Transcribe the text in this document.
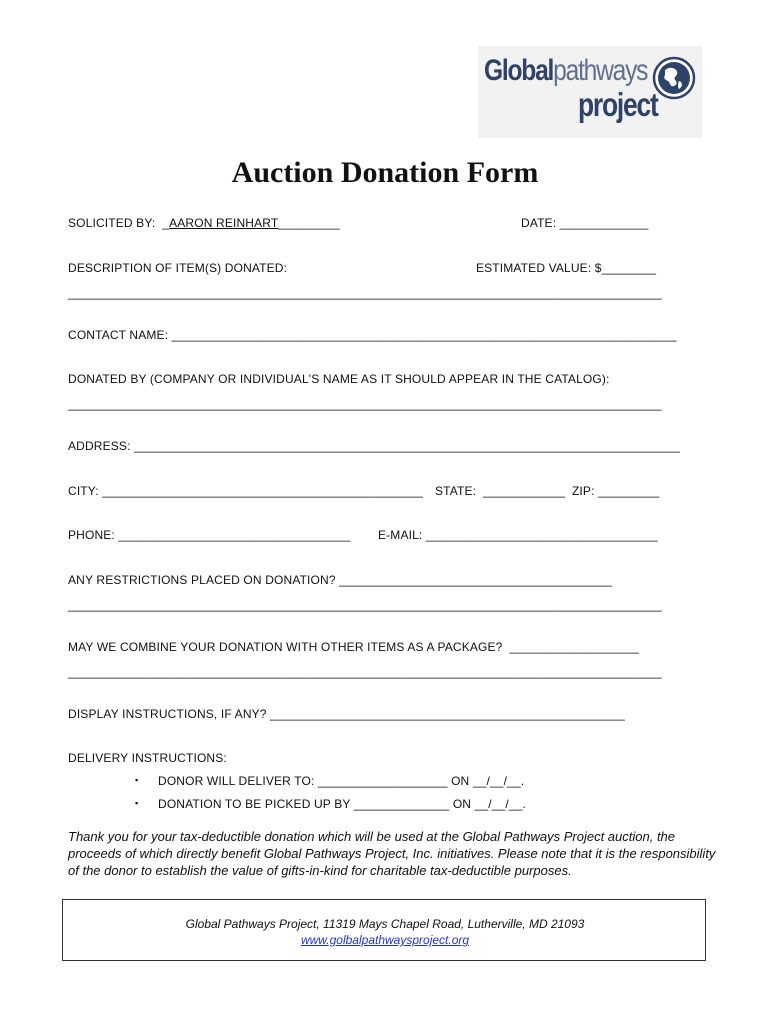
Globalpathways
project
Auction Donation Form
SOLICITED BY:  _AARON REINHART_________	DATE: _____________
DESCRIPTION OF ITEM(S) DONATED:	ESTIMATED VALUE: $________
_______________________________________________________________________________________
CONTACT NAME: __________________________________________________________________________
DONATED BY (COMPANY OR INDIVIDUAL'S NAME AS IT SHOULD APPEAR IN THE CATALOG):
_______________________________________________________________________________________
ADDRESS: ________________________________________________________________________________
CITY: _______________________________________________ STATE:  ____________  ZIP: _________
PHONE: __________________________________ E-MAIL: __________________________________
ANY RESTRICTIONS PLACED ON DONATION? ________________________________________
_______________________________________________________________________________________
MAY WE COMBINE YOUR DONATION WITH OTHER ITEMS AS A PACKAGE?  ___________________
_______________________________________________________________________________________
DISPLAY INSTRUCTIONS, IF ANY? ____________________________________________________
DELIVERY INSTRUCTIONS:
▪ DONOR WILL DELIVER TO: ___________________ ON __/__/__.
▪ DONATION TO BE PICKED UP BY ______________ ON __/__/__.
Thank you for your tax-deductible donation which will be used at the Global Pathways Project auction, the proceeds of which directly benefit Global Pathways Project, Inc. initiatives. Please note that it is the responsibility of the donor to establish the value of gifts-in-kind for charitable tax-deductible purposes.
Global Pathways Project, 11319 Mays Chapel Road, Lutherville, MD 21093
www.golbalpathwaysproject.org
